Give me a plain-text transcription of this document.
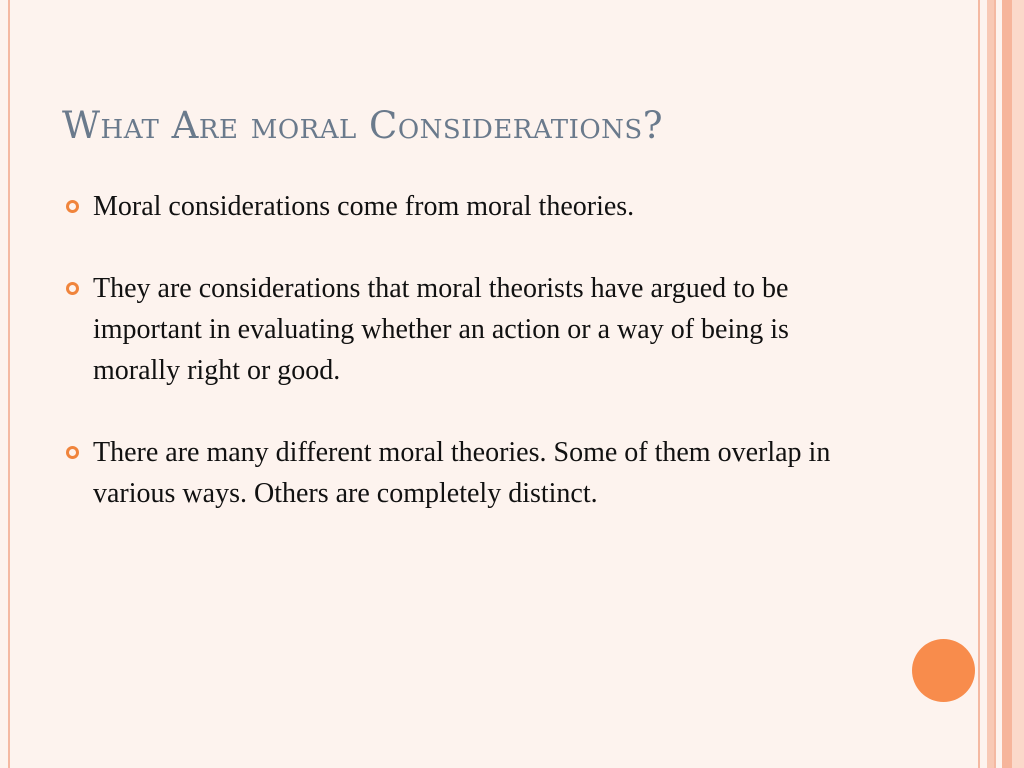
What Are moral Considerations?
Moral considerations come from moral theories.
They are considerations that moral theorists have argued to be important in evaluating whether an action or a way of being is morally right or good.
There are many different moral theories. Some of them overlap in various ways. Others are completely distinct.
